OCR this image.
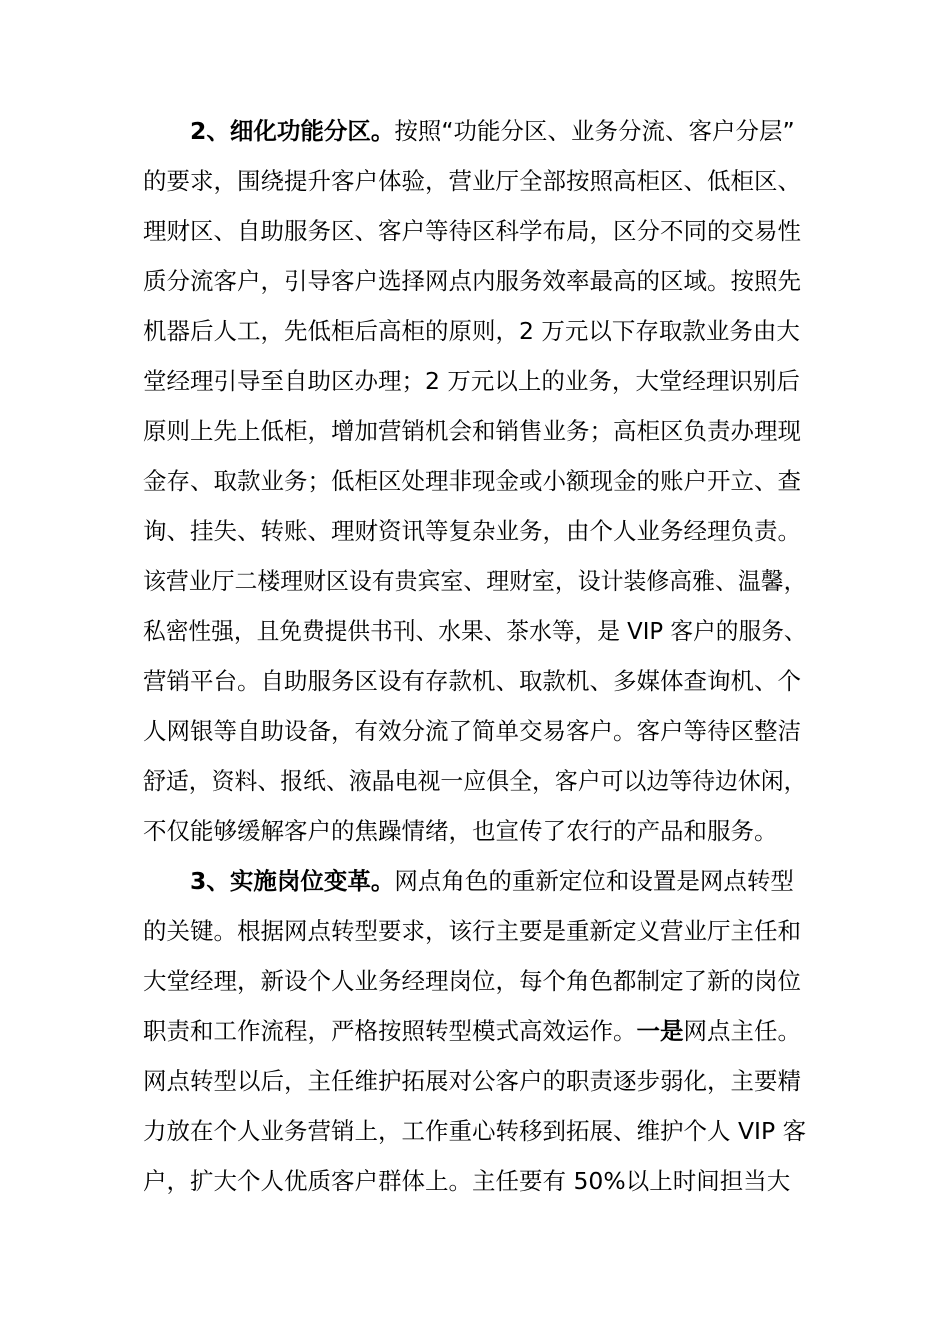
2、细化功能分区。按照“功能分区、业务分流、客户分层”
的要求，围绕提升客户体验，营业厅全部按照高柜区、低柜区、
理财区、自助服务区、客户等待区科学布局，区分不同的交易性
质分流客户，引导客户选择网点内服务效率最高的区域。按照先
机器后人工，先低柜后高柜的原则，2 万元以下存取款业务由大
堂经理引导至自助区办理；2 万元以上的业务，大堂经理识别后
原则上先上低柜，增加营销机会和销售业务；高柜区负责办理现
金存、取款业务；低柜区处理非现金或小额现金的账户开立、查
询、挂失、转账、理财资讯等复杂业务，由个人业务经理负责。
该营业厅二楼理财区设有贵宾室、理财室，设计装修高雅、温馨，
私密性强，且免费提供书刊、水果、茶水等，是 VIP 客户的服务、
营销平台。自助服务区设有存款机、取款机、多媒体查询机、个
人网银等自助设备，有效分流了简单交易客户。客户等待区整洁
舒适，资料、报纸、液晶电视一应俱全，客户可以边等待边休闲，
不仅能够缓解客户的焦躁情绪，也宣传了农行的产品和服务。
3、实施岗位变革。网点角色的重新定位和设置是网点转型
的关键。根据网点转型要求，该行主要是重新定义营业厅主任和
大堂经理，新设个人业务经理岗位，每个角色都制定了新的岗位
职责和工作流程，严格按照转型模式高效运作。一是网点主任。
网点转型以后，主任维护拓展对公客户的职责逐步弱化，主要精
力放在个人业务营销上，工作重心转移到拓展、维护个人 VIP 客
户，扩大个人优质客户群体上。主任要有 50%以上时间担当大
